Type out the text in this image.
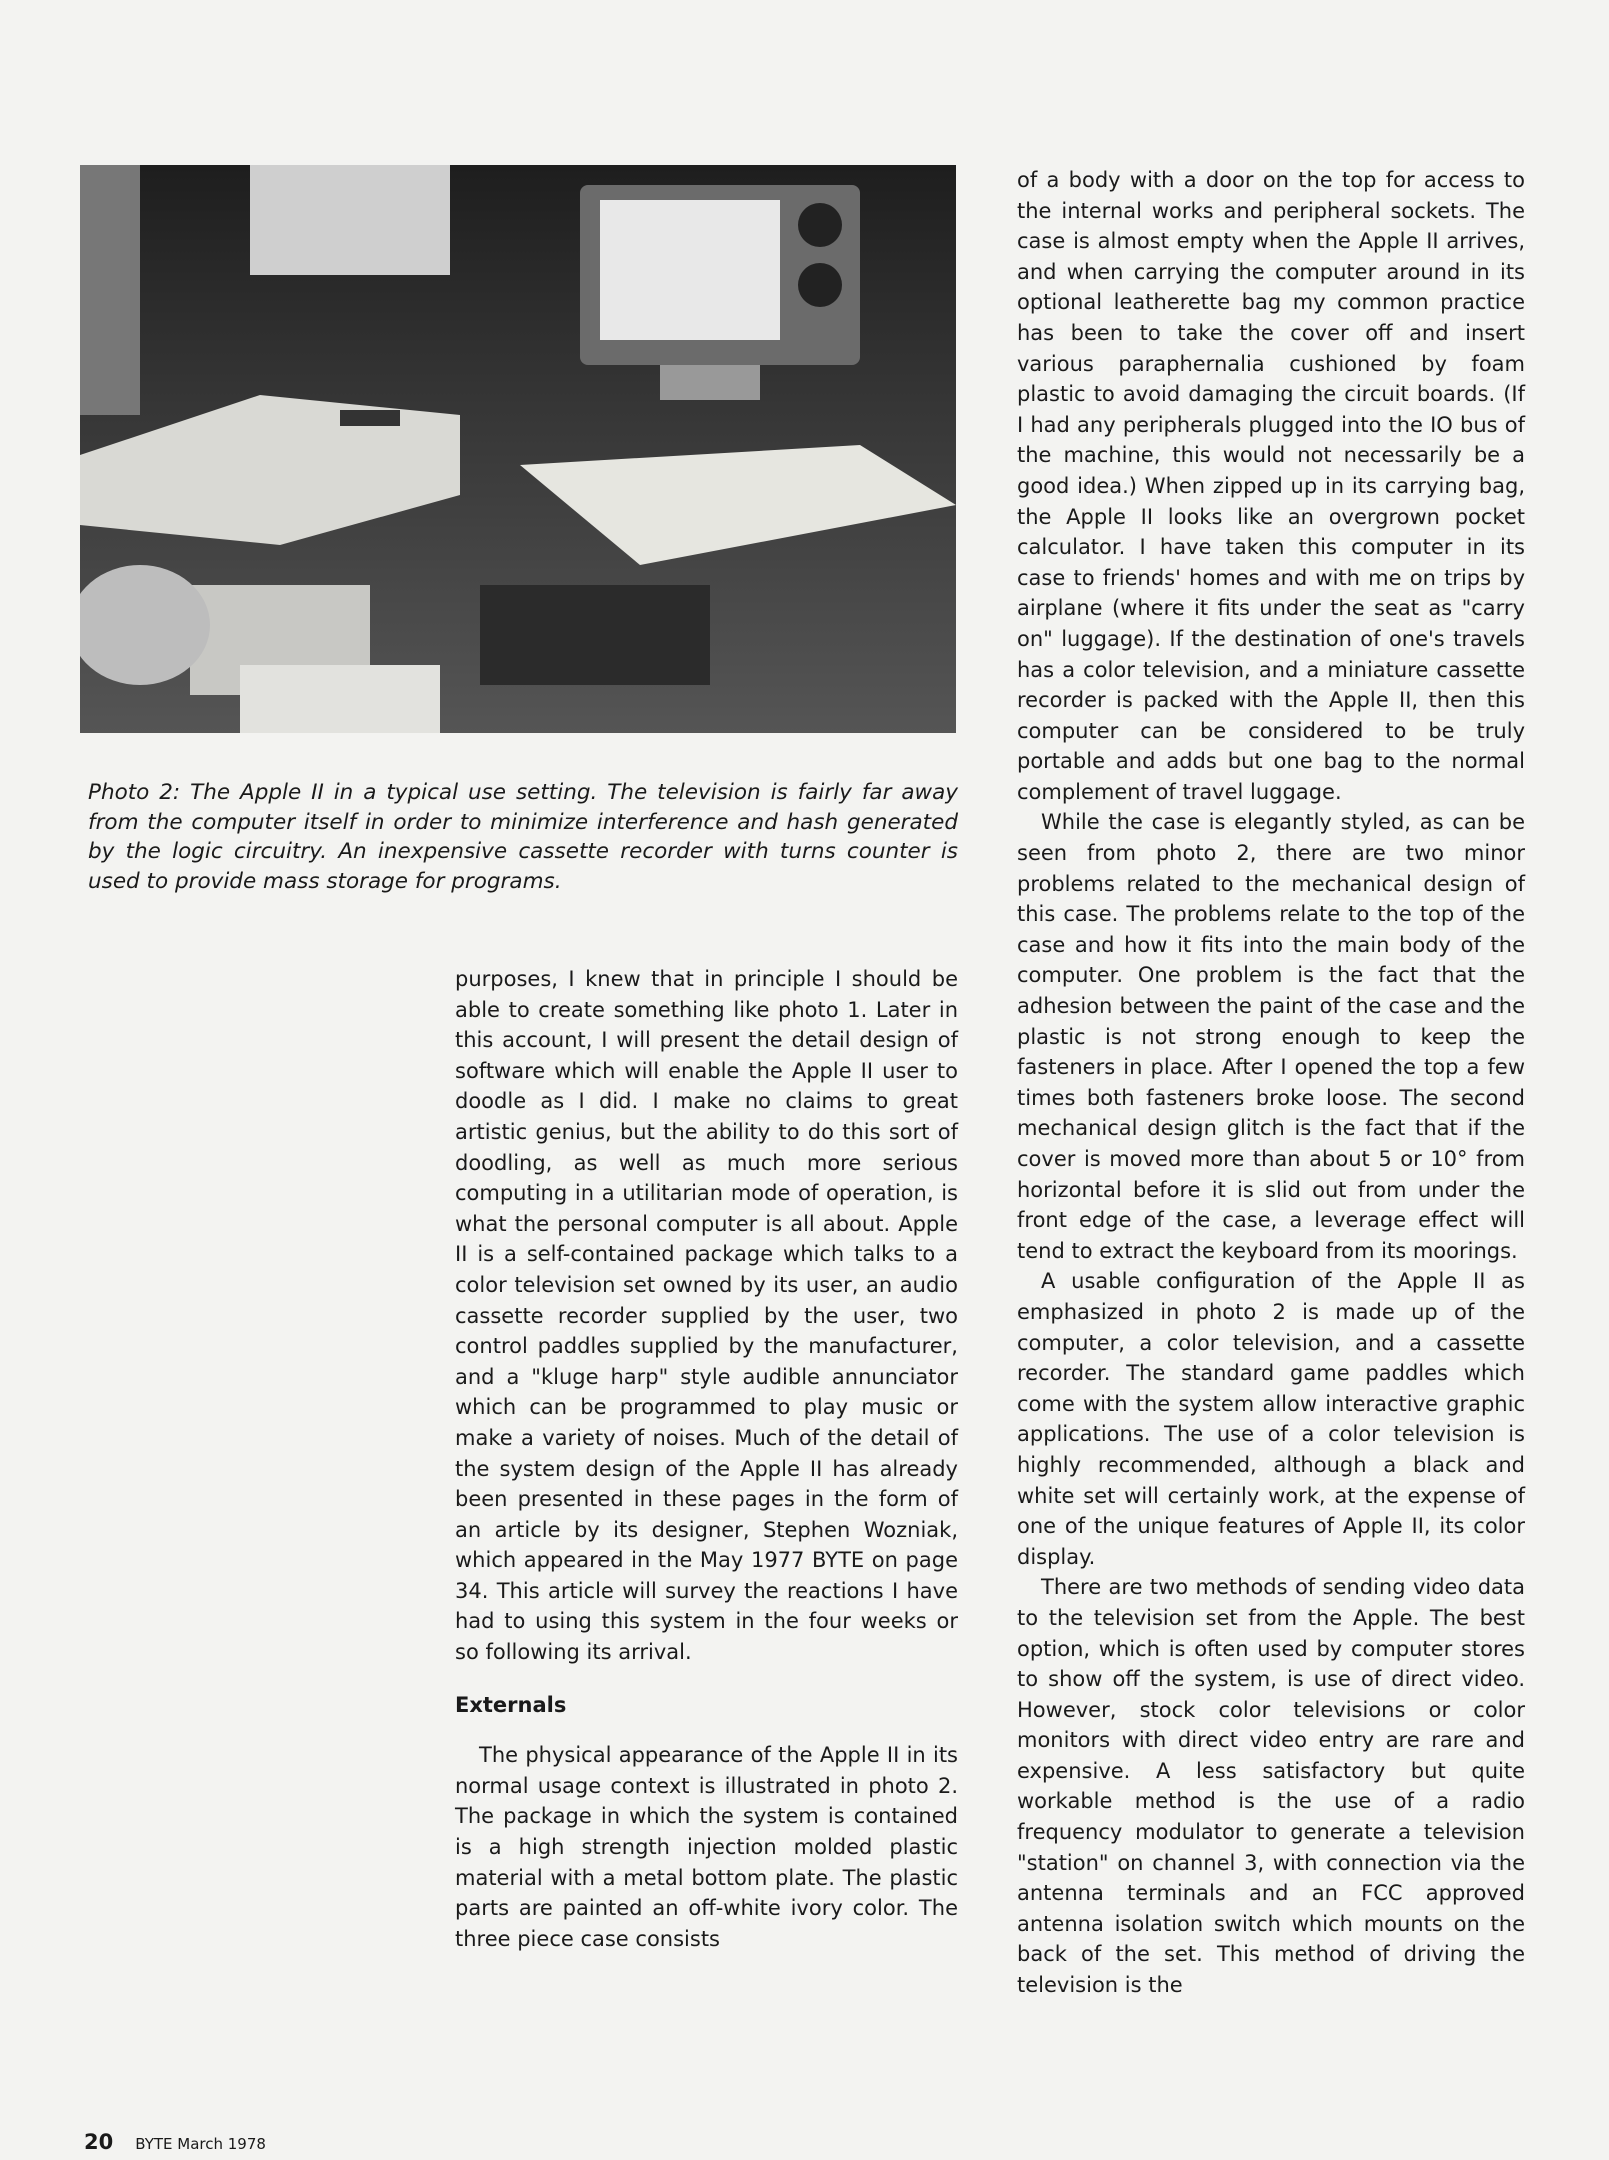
Photo 2: The Apple II in a typical use setting. The television is fairly far away from the computer itself in order to minimize interference and hash generated by the logic circuitry. An inexpensive cassette recorder with turns counter is used to provide mass storage for programs.

purposes, I knew that in principle I should be able to create something like photo 1. Later in this account, I will present the detail design of software which will enable the Apple II user to doodle as I did. I make no claims to great artistic genius, but the ability to do this sort of doodling, as well as much more serious computing in a utilitarian mode of operation, is what the personal computer is all about. Apple II is a self-contained package which talks to a color television set owned by its user, an audio cassette recorder supplied by the user, two control paddles supplied by the manufacturer, and a "kluge harp" style audible annunciator which can be programmed to play music or make a variety of noises. Much of the detail of the system design of the Apple II has already been presented in these pages in the form of an article by its designer, Stephen Wozniak, which appeared in the May 1977 BYTE on page 34. This article will survey the reactions I have had to using this system in the four weeks or so following its arrival.

Externals

The physical appearance of the Apple II in its normal usage context is illustrated in photo 2. The package in which the system is contained is a high strength injection molded plastic material with a metal bottom plate. The plastic parts are painted an off-white ivory color. The three piece case consists

of a body with a door on the top for access to the internal works and peripheral sockets. The case is almost empty when the Apple II arrives, and when carrying the computer around in its optional leatherette bag my common practice has been to take the cover off and insert various paraphernalia cushioned by foam plastic to avoid damaging the circuit boards. (If I had any peripherals plugged into the IO bus of the machine, this would not necessarily be a good idea.) When zipped up in its carrying bag, the Apple II looks like an overgrown pocket calculator. I have taken this computer in its case to friends' homes and with me on trips by airplane (where it fits under the seat as "carry on" luggage). If the destination of one's travels has a color television, and a miniature cassette recorder is packed with the Apple II, then this computer can be considered to be truly portable and adds but one bag to the normal complement of travel luggage.

While the case is elegantly styled, as can be seen from photo 2, there are two minor problems related to the mechanical design of this case. The problems relate to the top of the case and how it fits into the main body of the computer. One problem is the fact that the adhesion between the paint of the case and the plastic is not strong enough to keep the fasteners in place. After I opened the top a few times both fasteners broke loose. The second mechanical design glitch is the fact that if the cover is moved more than about 5 or 10° from horizontal before it is slid out from under the front edge of the case, a leverage effect will tend to extract the keyboard from its moorings.

A usable configuration of the Apple II as emphasized in photo 2 is made up of the computer, a color television, and a cassette recorder. The standard game paddles which come with the system allow interactive graphic applications. The use of a color television is highly recommended, although a black and white set will certainly work, at the expense of one of the unique features of Apple II, its color display.

There are two methods of sending video data to the television set from the Apple. The best option, which is often used by computer stores to show off the system, is use of direct video. However, stock color televisions or color monitors with direct video entry are rare and expensive. A less satisfactory but quite workable method is the use of a radio frequency modulator to generate a television "station" on channel 3, with connection via the antenna terminals and an FCC approved antenna isolation switch which mounts on the back of the set. This method of driving the television is the

20 BYTE March 1978
